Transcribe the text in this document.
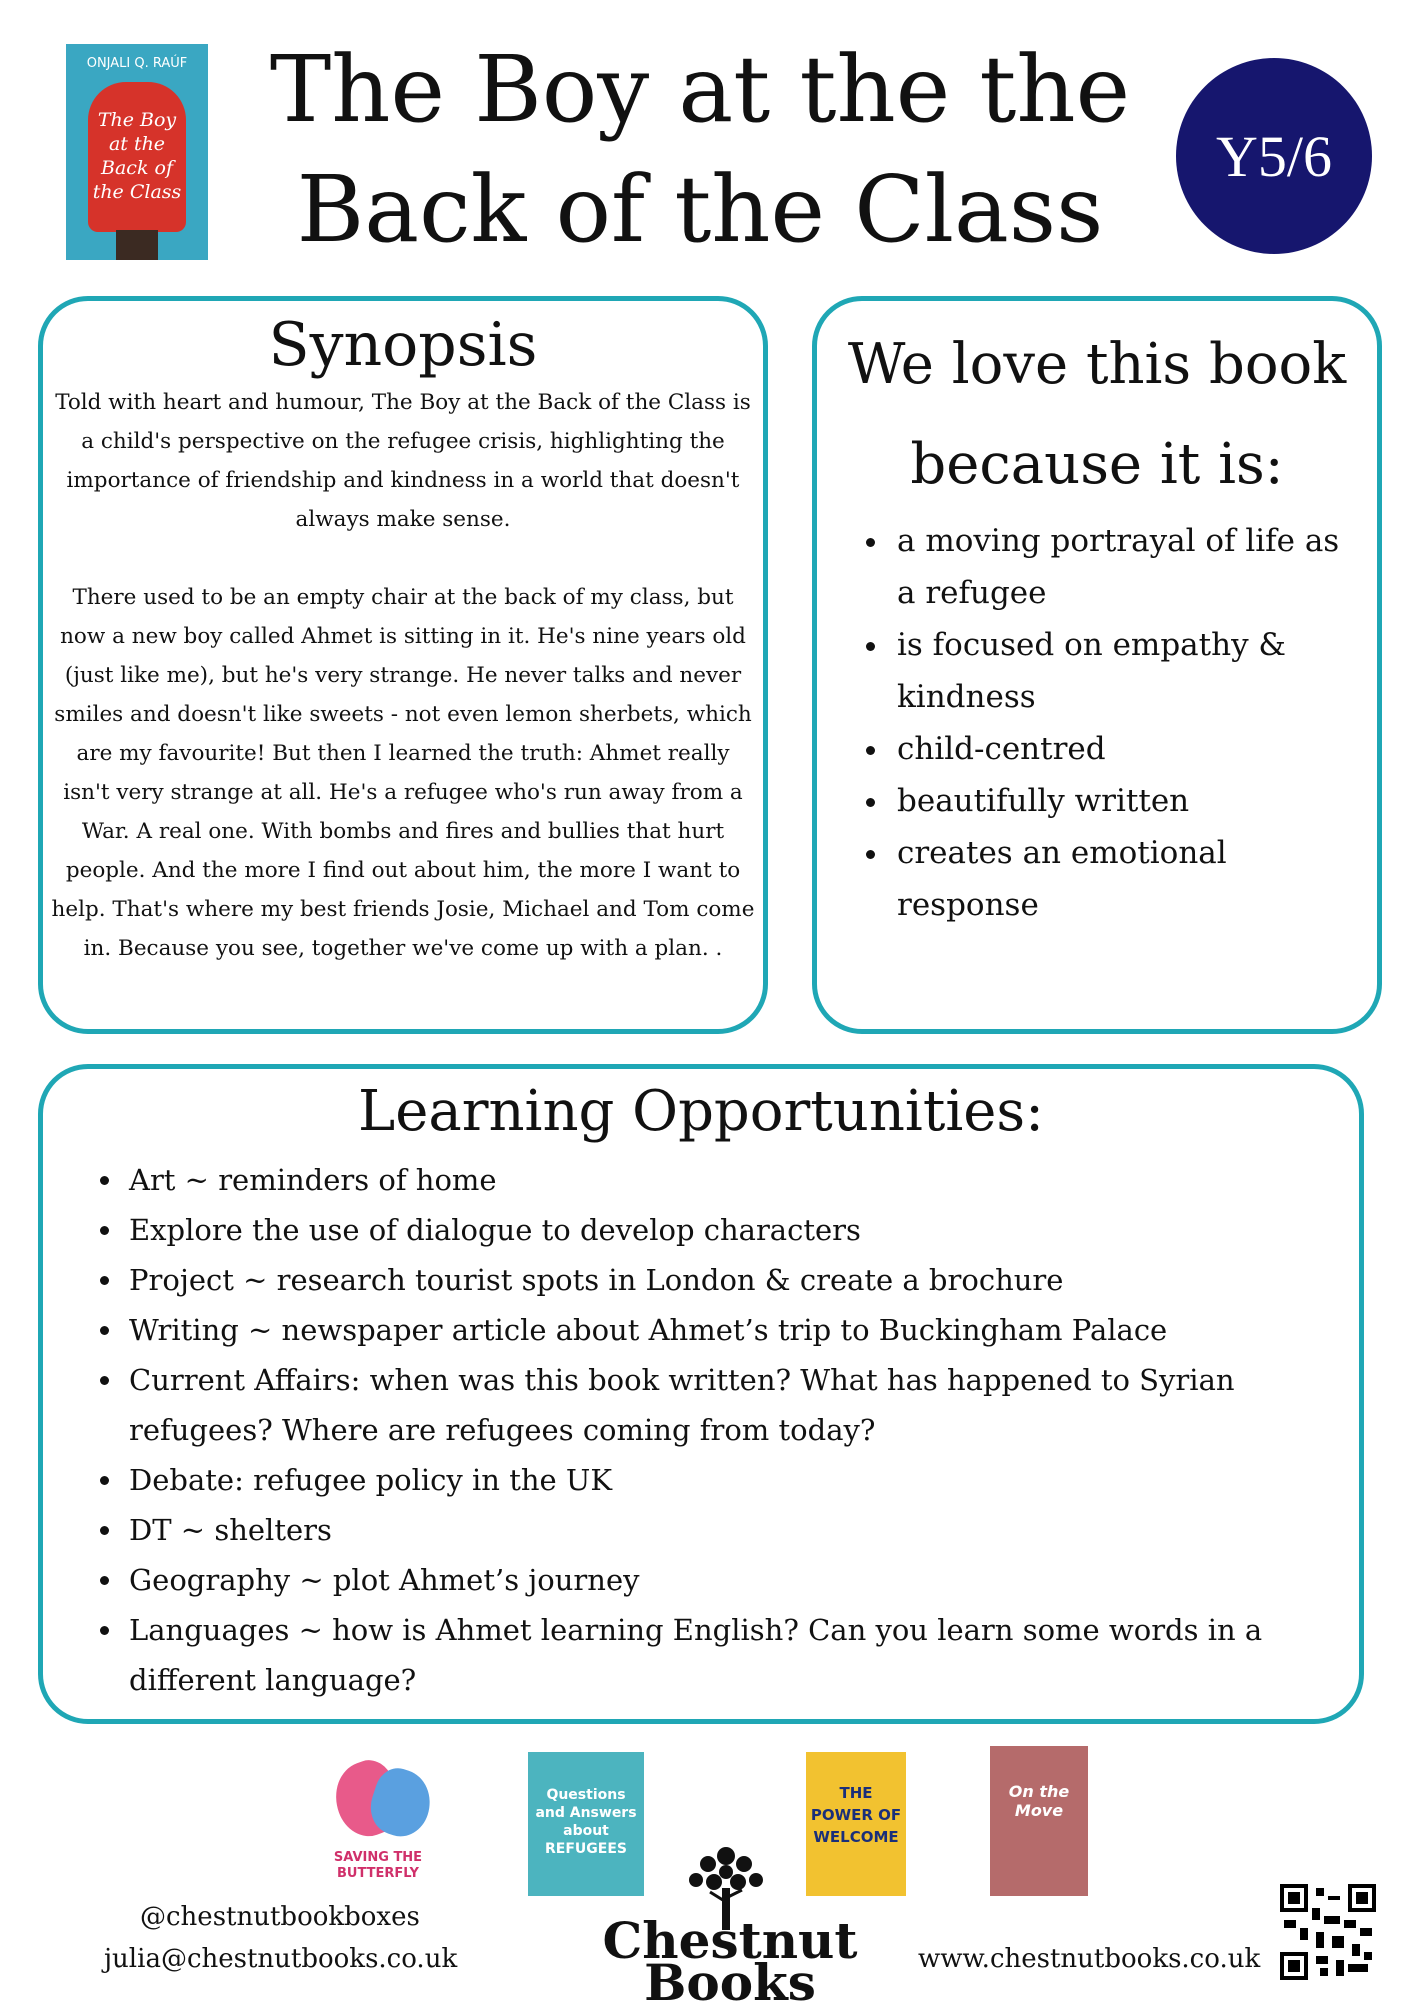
ONJALI Q. RAÚF
The Boy at the Back of the Class
The Boy at the the
Back of the Class	Y5/6
Synopsis

Told with heart and humour, The Boy at the Back of the Class is a child's perspective on the refugee crisis, highlighting the importance of friendship and kindness in a world that doesn't always make sense.

There used to be an empty chair at the back of my class, but now a new boy called Ahmet is sitting in it. He's nine years old (just like me), but he's very strange. He never talks and never smiles and doesn't like sweets - not even lemon sherbets, which are my favourite! But then I learned the truth: Ahmet really isn't very strange at all. He's a refugee who's run away from a War. A real one. With bombs and fires and bullies that hurt people. And the more I find out about him, the more I want to help. That's where my best friends Josie, Michael and Tom come in. Because you see, together we've come up with a plan. .

We love this book
because it is:
• a moving portrayal of life as a refugee
• is focused on empathy & kindness
• child-centred
• beautifully written
• creates an emotional response
Learning Opportunities:
• Art ~ reminders of home
• Explore the use of dialogue to develop characters
• Project ~ research tourist spots in London & create a brochure
• Writing ~ newspaper article about Ahmet’s trip to Buckingham Palace
• Current Affairs: when was this book written? What has happened to Syrian refugees? Where are refugees coming from today?
• Debate: refugee policy in the UK
• DT ~ shelters
• Geography ~ plot Ahmet’s journey
• Languages ~ how is Ahmet learning English? Can you learn some words in a different language?
SAVING THE BUTTERFLY
Questions and Answers about REFUGEES
THE POWER OF WELCOME
On the Move
@chestnutbookboxes
julia@chestnutbooks.co.uk	www.chestnutbooks.co.uk
Chestnut
Books
